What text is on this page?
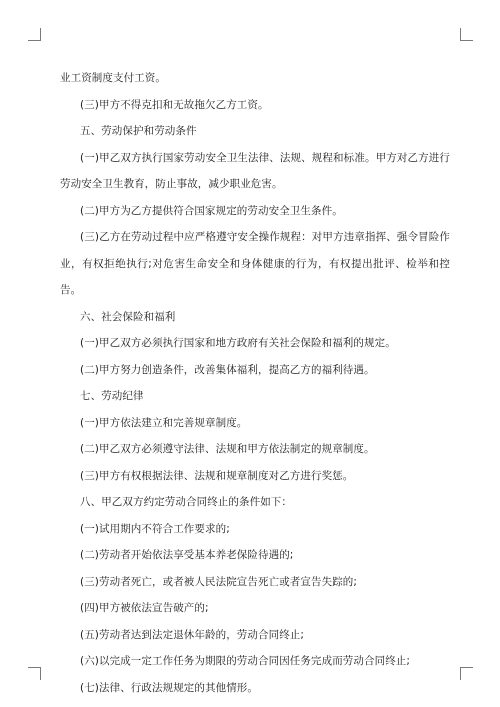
业工资制度支付工资。
(三)甲方不得克扣和无故拖欠乙方工资。
五、劳动保护和劳动条件
(一)甲乙双方执行国家劳动安全卫生法律、法规、规程和标准。甲方对乙方进行劳动安全卫生教育，防止事故，减少职业危害。
(二)甲方为乙方提供符合国家规定的劳动安全卫生条件。
(三)乙方在劳动过程中应严格遵守安全操作规程：对甲方违章指挥、强令冒险作业，有权拒绝执行;对危害生命安全和身体健康的行为，有权提出批评、检举和控告。
六、社会保险和福利
(一)甲乙双方必须执行国家和地方政府有关社会保险和福利的规定。
(二)甲方努力创造条件，改善集体福利，提高乙方的福利待遇。
七、劳动纪律
(一)甲方依法建立和完善规章制度。
(二)甲乙双方必须遵守法律、法规和甲方依法制定的规章制度。
(三)甲方有权根据法律、法规和规章制度对乙方进行奖惩。
八、甲乙双方约定劳动合同终止的条件如下：
(一)试用期内不符合工作要求的;
(二)劳动者开始依法享受基本养老保险待遇的;
(三)劳动者死亡，或者被人民法院宣告死亡或者宣告失踪的;
(四)甲方被依法宣告破产的;
(五)劳动者达到法定退休年龄的，劳动合同终止;
(六)以完成一定工作任务为期限的劳动合同因任务完成而劳动合同终止;
(七)法律、行政法规规定的其他情形。
